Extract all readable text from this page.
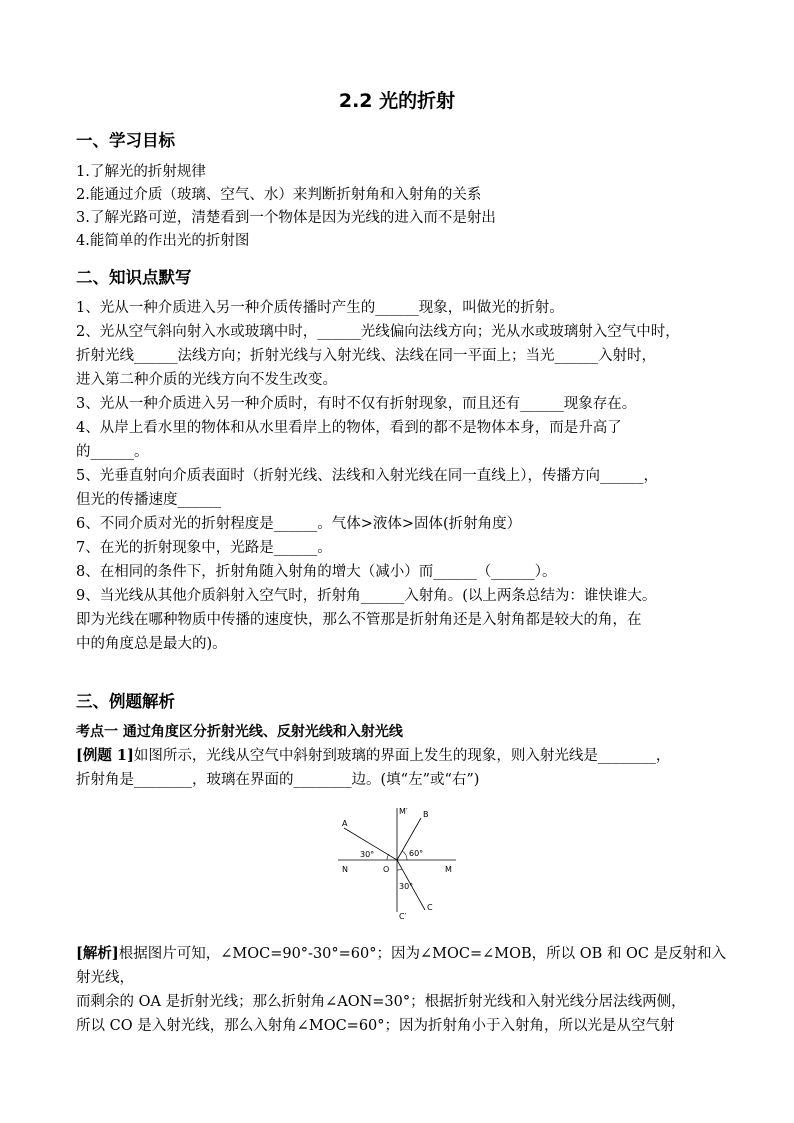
2.2 光的折射
一、学习目标
1.了解光的折射规律
2.能通过介质（玻璃、空气、水）来判断折射角和入射角的关系
3.了解光路可逆，清楚看到一个物体是因为光线的进入而不是射出
4.能简单的作出光的折射图
二、知识点默写
1、光从一种介质进入另一种介质传播时产生的______现象，叫做光的折射。
2、光从空气斜向射入水或玻璃中时，______光线偏向法线方向；光从水或玻璃射入空气中时，
折射光线______法线方向；折射光线与入射光线、法线在同一平面上；当光______入射时，
进入第二种介质的光线方向不发生改变。
3、光从一种介质进入另一种介质时，有时不仅有折射现象，而且还有______现象存在。
4、从岸上看水里的物体和从水里看岸上的物体，看到的都不是物体本身，而是升高了
的______。
5、光垂直射向介质表面时（折射光线、法线和入射光线在同一直线上），传播方向______，
但光的传播速度______
6、不同介质对光的折射程度是______。气体>液体>固体(折射角度）
7、在光的折射现象中，光路是______。
8、在相同的条件下，折射角随入射角的增大（减小）而______（______）。
9、当光线从其他介质斜射入空气时，折射角______入射角。(以上两条总结为：谁快谁大。
即为光线在哪种物质中传播的速度快，那么不管那是折射角还是入射角都是较大的角，在
中的角度总是最大的)。
三、例题解析
考点一 通过角度区分折射光线、反射光线和入射光线
[例题 1]如图所示，光线从空气中斜射到玻璃的界面上发生的现象，则入射光线是________，
折射角是________，玻璃在界面的________边。(填“左”或“右”)
A
B
C
M
N	O
M′
C′
30°	60°
30°
[解析]根据图片可知，∠MOC=90°-30°=60°；因为∠MOC=∠MOB，所以 OB 和 OC 是反射和入
射光线，
而剩余的 OA 是折射光线；那么折射角∠AON=30°；根据折射光线和入射光线分居法线两侧，
所以 CO 是入射光线，那么入射角∠MOC=60°；因为折射角小于入射角，所以光是从空气射
